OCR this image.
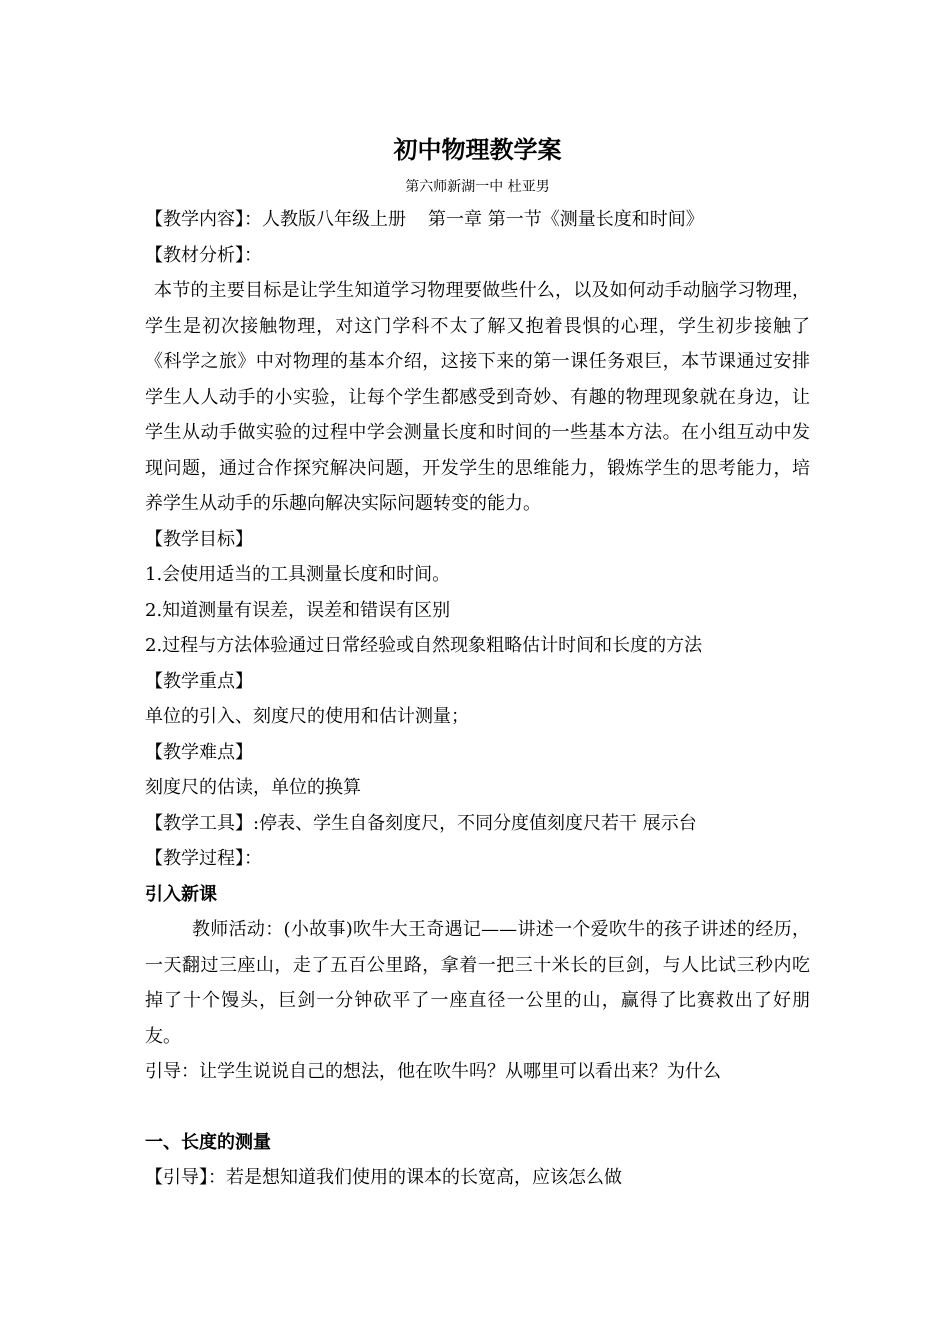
初中物理教学案

第六师新湖一中 杜亚男

【教学内容】：人教版八年级上册 第一章 第一节《测量长度和时间》

【教材分析】：

本节的主要目标是让学生知道学习物理要做些什么，以及如何动手动脑学习物理，学生是初次接触物理，对这门学科不太了解又抱着畏惧的心理，学生初步接触了《科学之旅》中对物理的基本介绍，这接下来的第一课任务艰巨，本节课通过安排学生人人动手的小实验，让每个学生都感受到奇妙、有趣的物理现象就在身边，让学生从动手做实验的过程中学会测量长度和时间的一些基本方法。在小组互动中发现问题，通过合作探究解决问题，开发学生的思维能力，锻炼学生的思考能力，培养学生从动手的乐趣向解决实际问题转变的能力。

【教学目标】

1.会使用适当的工具测量长度和时间。

2.知道测量有误差，误差和错误有区别

2.过程与方法体验通过日常经验或自然现象粗略估计时间和长度的方法

【教学重点】

单位的引入、刻度尺的使用和估计测量；

【教学难点】

刻度尺的估读，单位的换算

【教学工具】:停表、学生自备刻度尺，不同分度值刻度尺若干 展示台

【教学过程】：

引入新课

教师活动：(小故事)吹牛大王奇遇记——讲述一个爱吹牛的孩子讲述的经历，一天翻过三座山，走了五百公里路，拿着一把三十米长的巨剑，与人比试三秒内吃掉了十个馒头，巨剑一分钟砍平了一座直径一公里的山，赢得了比赛救出了好朋友。

引导：让学生说说自己的想法，他在吹牛吗？从哪里可以看出来？为什么

一、长度的测量

【引导】：若是想知道我们使用的课本的长宽高，应该怎么做
